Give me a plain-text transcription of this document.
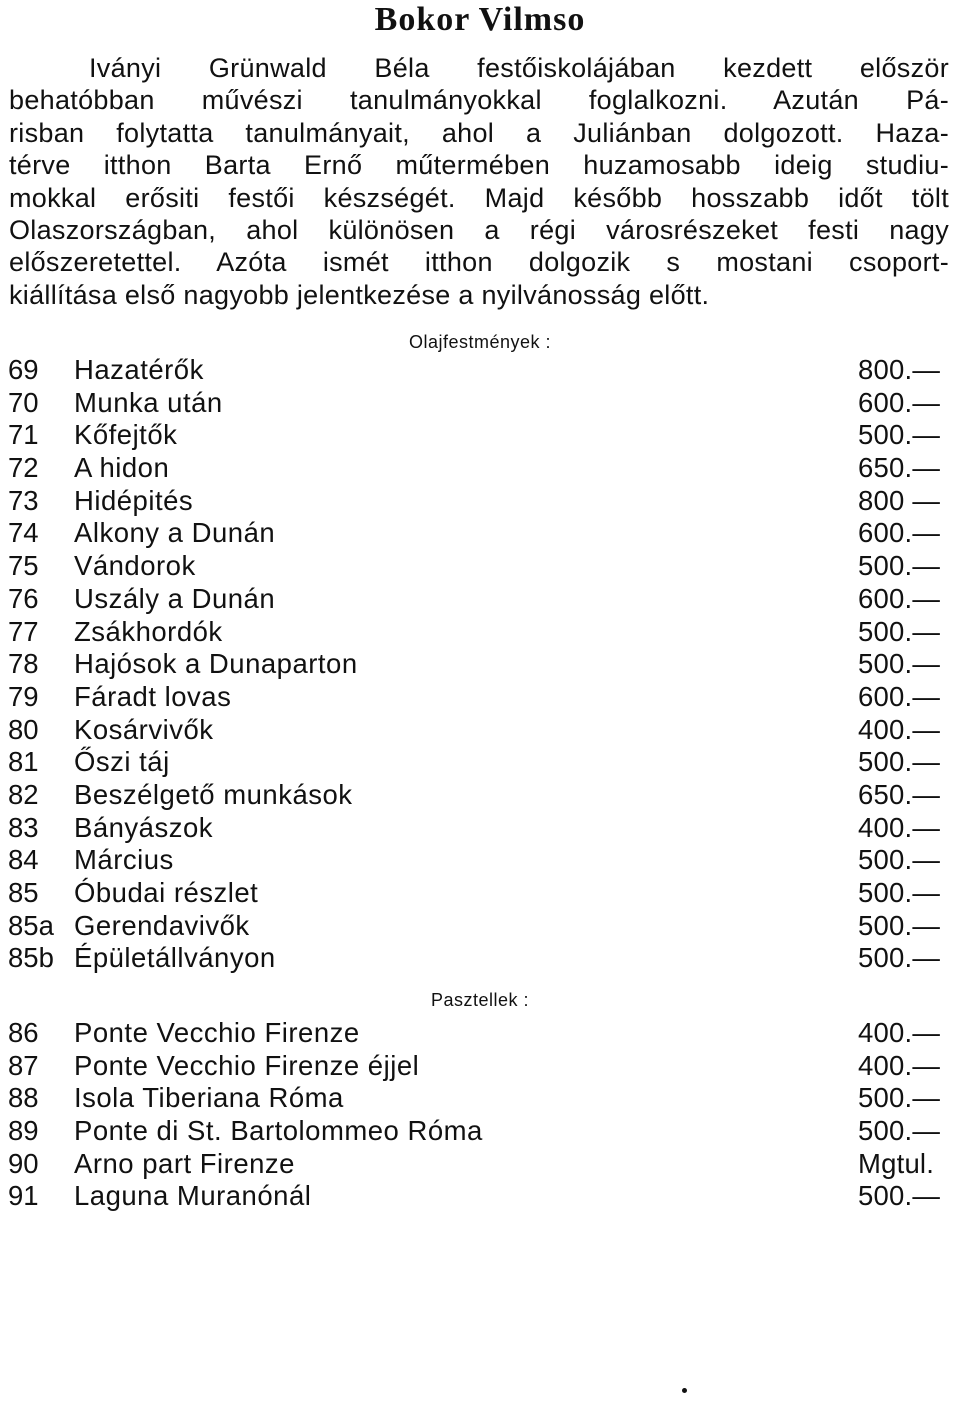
Bokor Vilmso
Iványi Grünwald Béla festőiskolájában kezdett először
behatóbban művészi tanulmányokkal foglalkozni. Azután Pá-
risban folytatta tanulmányait, ahol a Juliánban dolgozott. Haza-
térve itthon Barta Ernő műtermében huzamosabb ideig studiu-
mokkal erősiti festői készségét. Majd később hosszabb időt tölt
Olaszországban, ahol különösen a régi városrészeket festi nagy
előszeretettel. Azóta ismét itthon dolgozik s mostani csoport-
kiállítása első nagyobb jelentkezése a nyilvánosság előtt.
Olajfestmények :
69 Hazatérők	800.—
70 Munka után	600.—
71 Kőfejtők	500.—
72 A hidon	650.—
73 Hidépités	800 —
74 Alkony a Dunán	600.—
75 Vándorok	500.—
76 Uszály a Dunán	600.—
77 Zsákhordók	500.—
78 Hajósok a Dunaparton	500.—
79 Fáradt lovas	600.—
80 Kosárvivők	400.—
81 Őszi táj	500.—
82 Beszélgető munkások	650.—
83 Bányászok	400.—
84 Március	500.—
85 Óbudai részlet	500.—
85a Gerendavivők	500.—
85b Épületállványon	500.—
Pasztellek :
86 Ponte Vecchio Firenze	400.—
87 Ponte Vecchio Firenze éjjel	400.—
88 Isola Tiberiana Róma	500.—
89 Ponte di St. Bartolommeo Róma	500.—
90 Arno part Firenze	Mgtul.
91 Laguna Muranónál	500.—
